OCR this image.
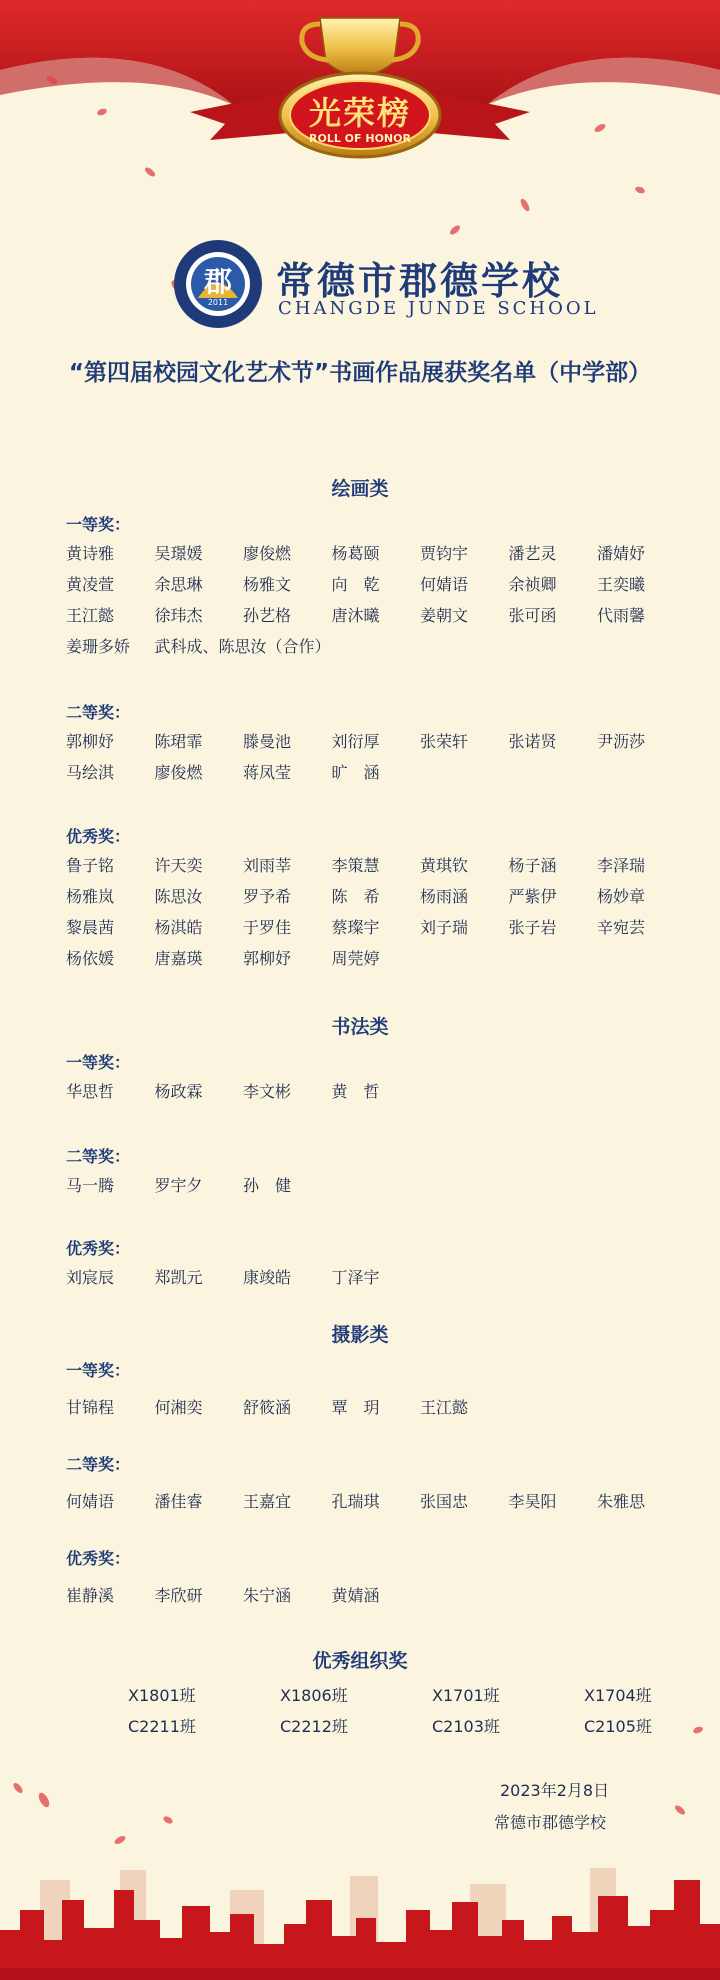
光荣榜
ROLL OF HONOR
郡
2011 常德市郡德学校
CHANGDE JUNDE SCHOOL
“第四届校园文化艺术节”书画作品展获奖名单（中学部）
绘画类
一等奖：
黄诗雅	吴璟媛	廖俊燃	杨葛颐	贾钧宇	潘艺灵	潘婧妤
黄凌萱	余思琳	杨雅文	向　乾	何婧语	余祯卿	王奕曦
王江懿	徐玮杰	孙艺格	唐沐曦	姜朝文	张可函	代雨馨
姜珊多娇	武科成、陈思汝（合作）
二等奖：
郭柳妤	陈珺霏	滕曼池	刘衍厚	张荣轩	张诺贤	尹沥莎
马绘淇	廖俊燃	蒋凤莹	旷　涵
优秀奖：
鲁子铭	许天奕	刘雨莘	李策慧	黄琪钦	杨子涵	李泽瑞
杨雅岚	陈思汝	罗予希	陈　希	杨雨涵	严紫伊	杨妙章
黎晨茜	杨淇皓	于罗佳	蔡璨宇	刘子瑞	张子岩	辛宛芸
杨依媛	唐嘉瑛	郭柳妤	周莞婷
书法类
一等奖：
华思哲	杨政霖	李文彬	黄　哲
二等奖：
马一腾	罗宇夕	孙　健
优秀奖：
刘宸辰	郑凯元	康竣皓	丁泽宇
摄影类
一等奖：
甘锦程	何湘奕	舒筱涵	覃　玥	王江懿
二等奖：
何婧语	潘佳睿	王嘉宜	孔瑞琪	张国忠	李昊阳	朱雅思
优秀奖：
崔静溪	李欣研	朱宁涵	黄婧涵
优秀组织奖
X1801班	X1806班	X1701班	X1704班
C2211班	C2212班	C2103班	C2105班
2023年2月8日
常德市郡德学校
